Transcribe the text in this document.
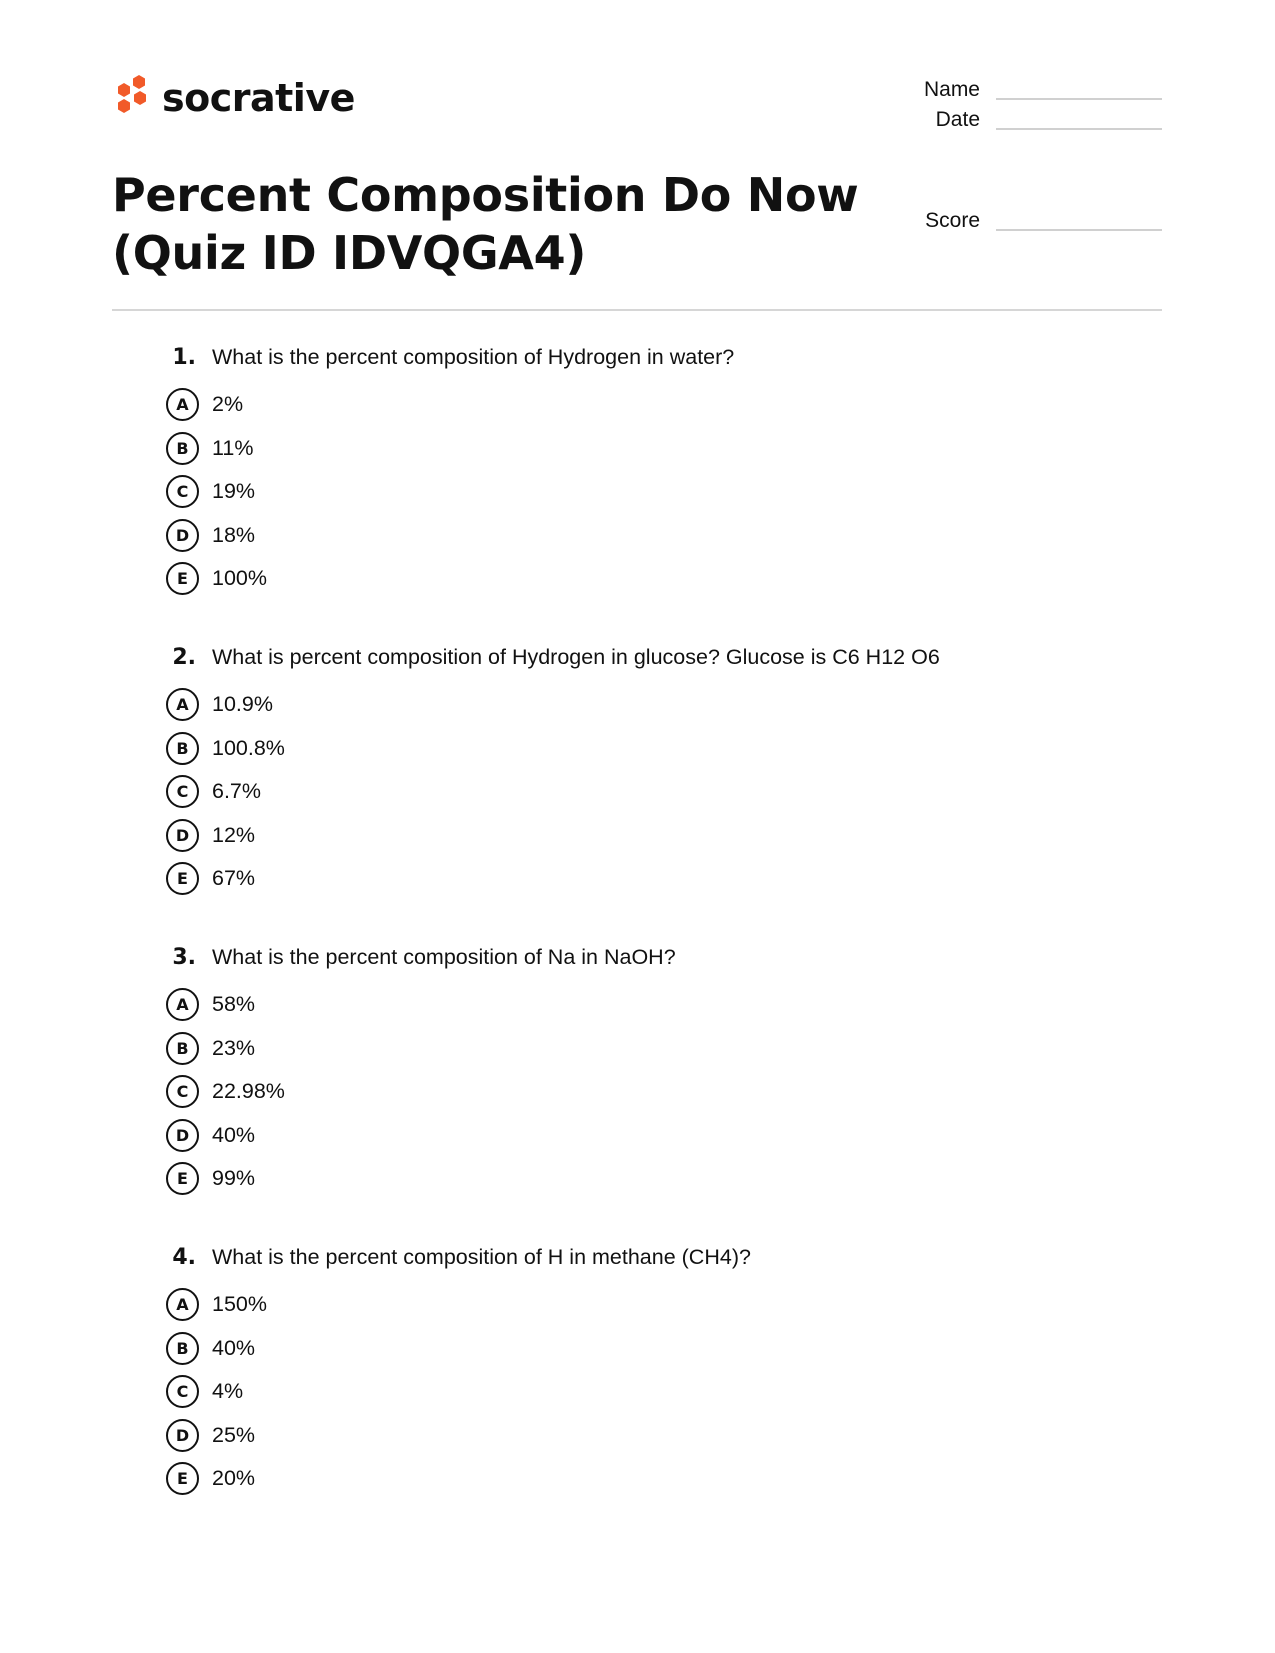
socrative	Name
Date
Score
Percent Composition Do Now
(Quiz ID IDVQGA4)
1. What is the percent composition of Hydrogen in water?
A	2%
B	11%
C	19%
D	18%
E	100%
2. What is percent composition of Hydrogen in glucose? Glucose is C6 H12 O6
A	10.9%
B	100.8%
C	6.7%
D	12%
E	67%
3. What is the percent composition of Na in NaOH?
A	58%
B	23%
C	22.98%
D	40%
E	99%
4. What is the percent composition of H in methane (CH4)?
A	150%
B	40%
C	4%
D	25%
E	20%
